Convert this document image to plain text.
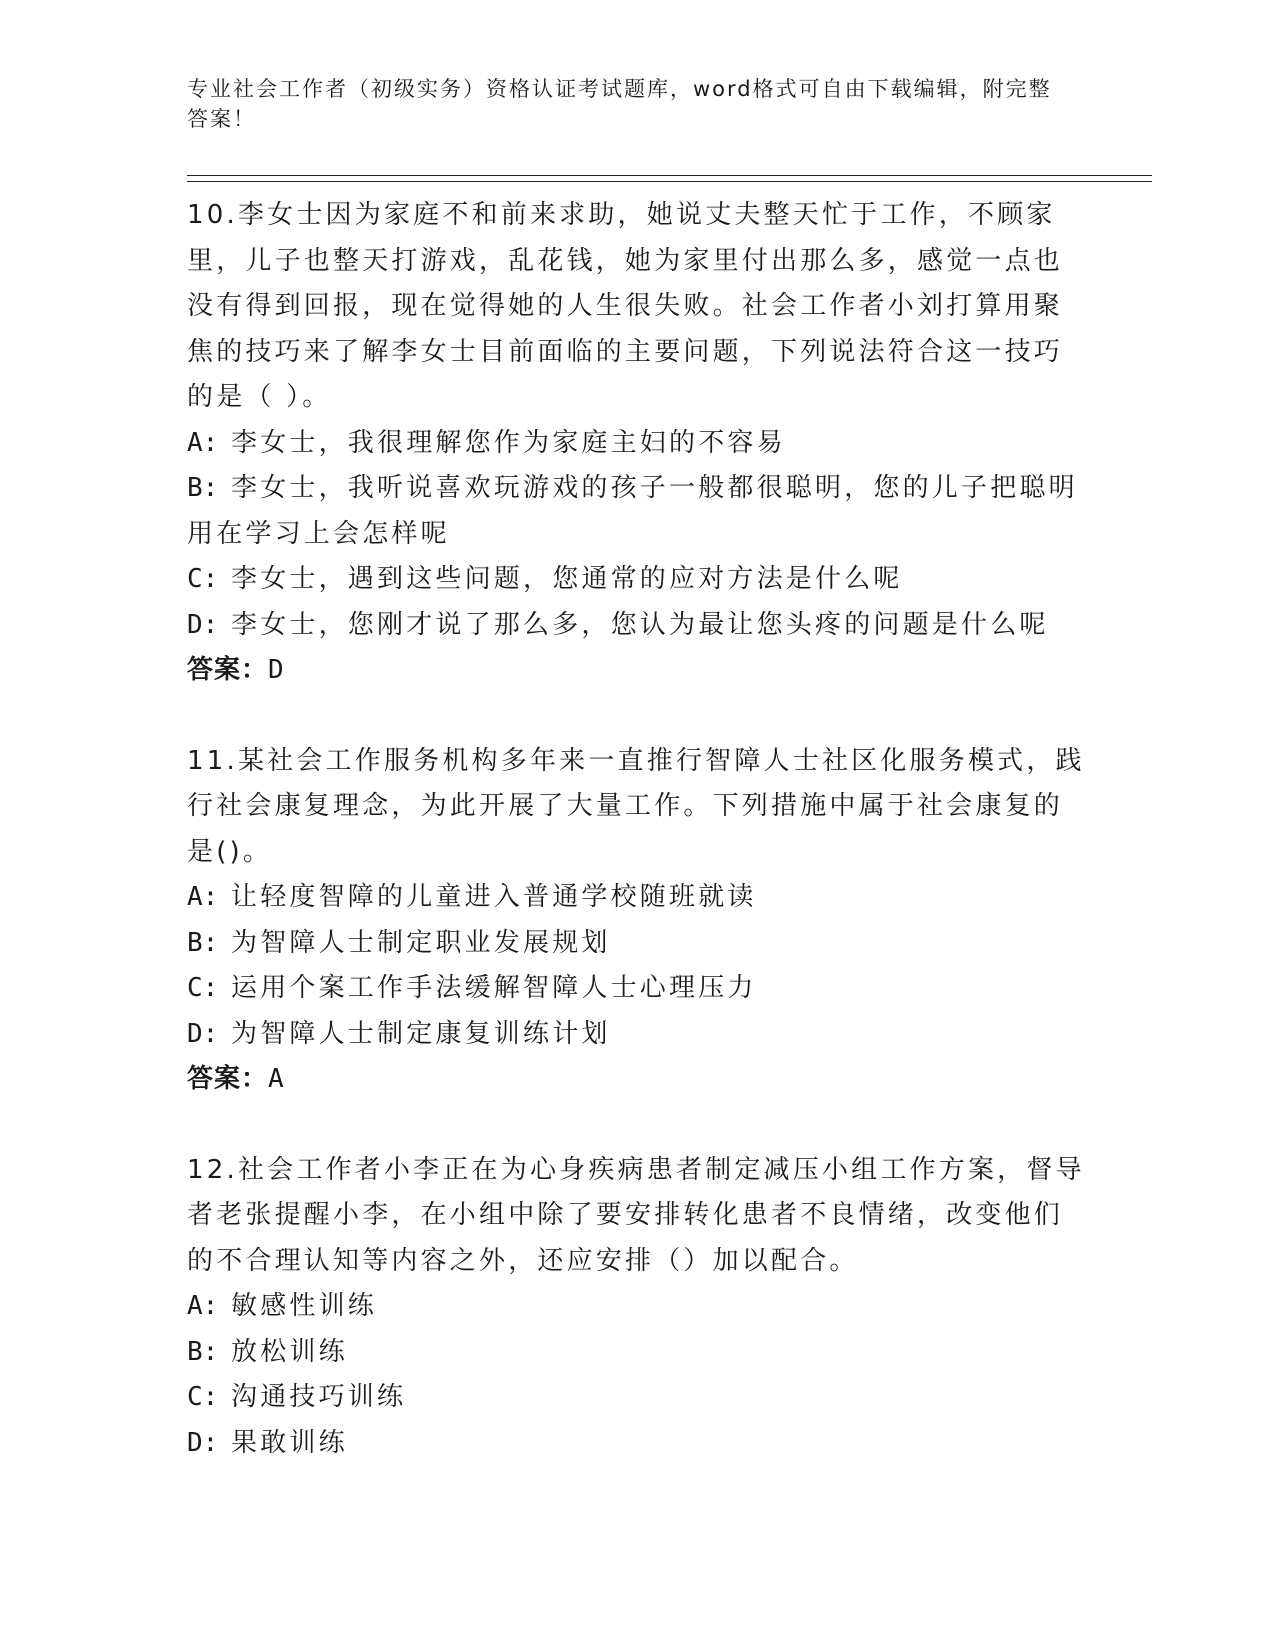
专业社会工作者（初级实务）资格认证考试题库，word格式可自由下载编辑，附完整答案！

10.李女士因为家庭不和前来求助，她说丈夫整天忙于工作，不顾家里，儿子也整天打游戏，乱花钱，她为家里付出那么多，感觉一点也没有得到回报，现在觉得她的人生很失败。社会工作者小刘打算用聚焦的技巧来了解李女士目前面临的主要问题，下列说法符合这一技巧的是（ ）。

A: 李女士，我很理解您作为家庭主妇的不容易

B: 李女士，我听说喜欢玩游戏的孩子一般都很聪明，您的儿子把聪明用在学习上会怎样呢

C: 李女士，遇到这些问题，您通常的应对方法是什么呢

D: 李女士，您刚才说了那么多，您认为最让您头疼的问题是什么呢

答案：D

11.某社会工作服务机构多年来一直推行智障人士社区化服务模式，践行社会康复理念，为此开展了大量工作。下列措施中属于社会康复的是()。

A: 让轻度智障的儿童进入普通学校随班就读

B: 为智障人士制定职业发展规划

C: 运用个案工作手法缓解智障人士心理压力

D: 为智障人士制定康复训练计划

答案：A

12.社会工作者小李正在为心身疾病患者制定减压小组工作方案，督导者老张提醒小李，在小组中除了要安排转化患者不良情绪，改变他们的不合理认知等内容之外，还应安排（）加以配合。

A: 敏感性训练

B: 放松训练

C: 沟通技巧训练

D: 果敢训练
